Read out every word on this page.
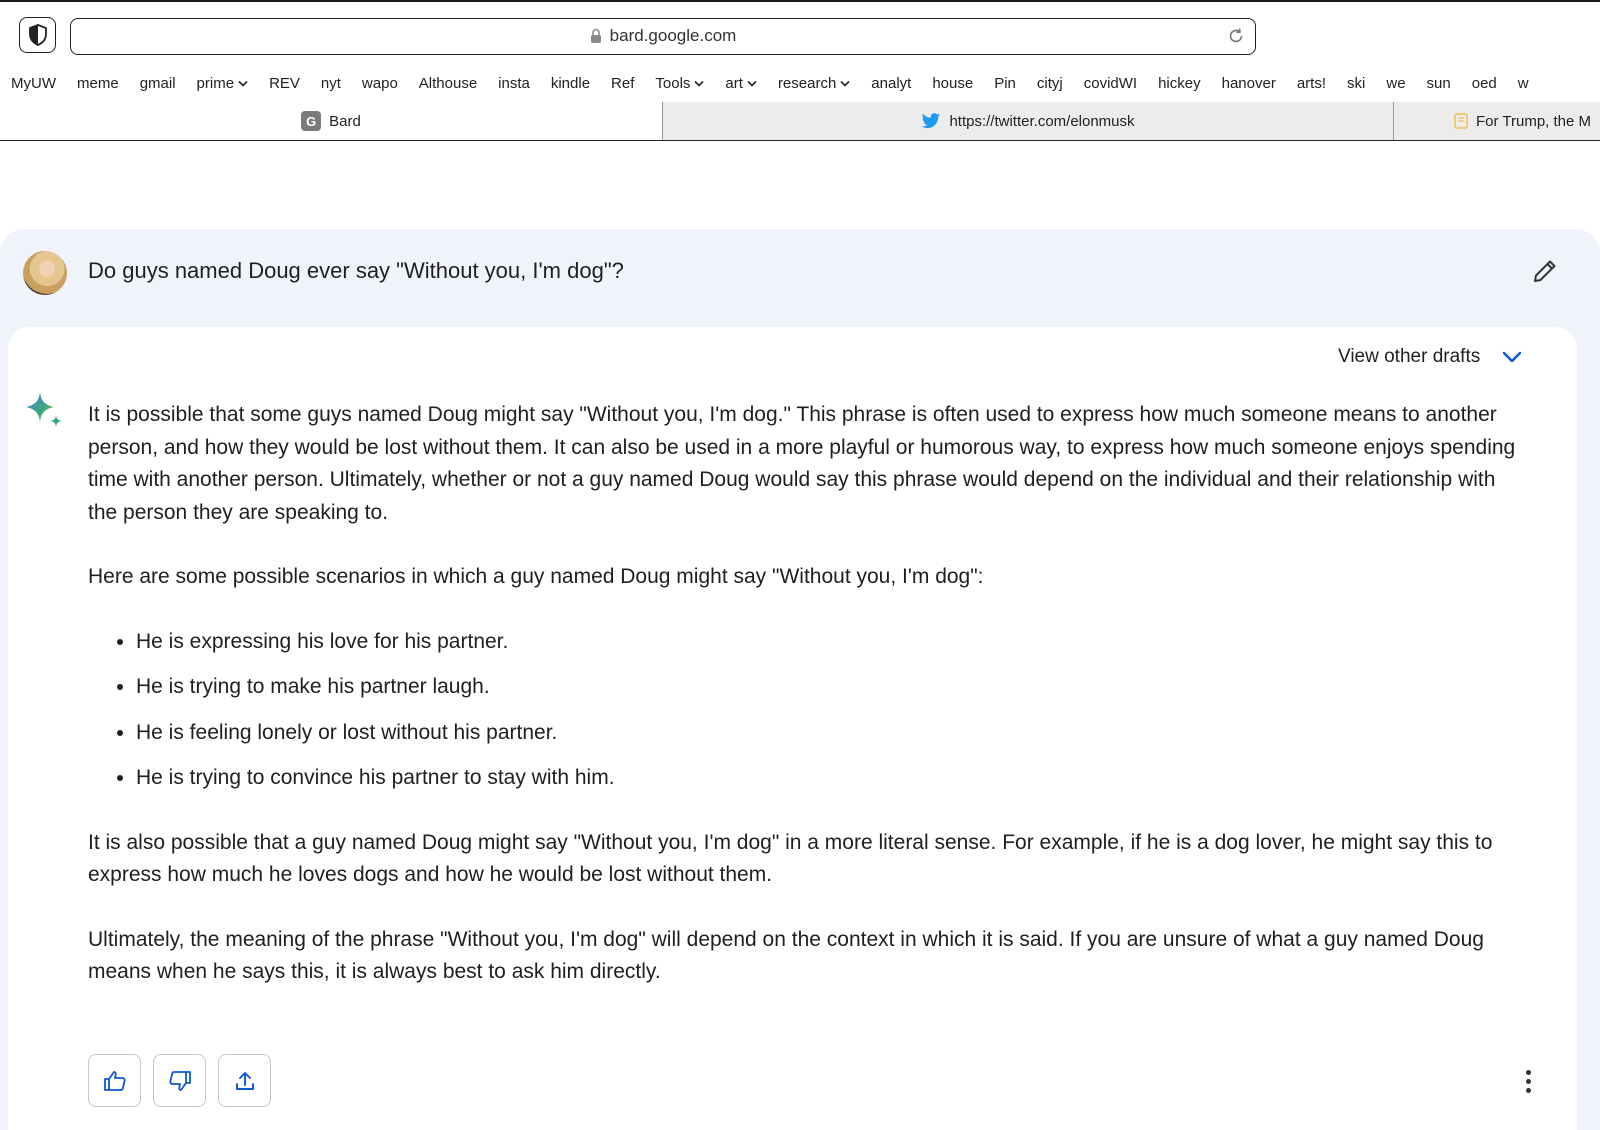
bard.google.com
MyUW meme gmail prime REV nyt wapo Althouse insta kindle Ref Tools art research analyt house Pin cityj covidWI hickey hanover arts! ski we sun oed w
G Bard	https://twitter.com/elonmusk	For Trump, the M
Do guys named Doug ever say "Without you, I'm dog"?
View other drafts

It is possible that some guys named Doug might say "Without you, I'm dog." This phrase is often used to express how much someone means to another person, and how they would be lost without them. It can also be used in a more playful or humorous way, to express how much someone enjoys spending time with another person. Ultimately, whether or not a guy named Doug would say this phrase would depend on the individual and their relationship with the person they are speaking to.

Here are some possible scenarios in which a guy named Doug might say "Without you, I'm dog":

• He is expressing his love for his partner.
• He is trying to make his partner laugh.
• He is feeling lonely or lost without his partner.
• He is trying to convince his partner to stay with him.

It is also possible that a guy named Doug might say "Without you, I'm dog" in a more literal sense. For example, if he is a dog lover, he might say this to express how much he loves dogs and how he would be lost without them.

Ultimately, the meaning of the phrase "Without you, I'm dog" will depend on the context in which it is said. If you are unsure of what a guy named Doug means when he says this, it is always best to ask him directly.
